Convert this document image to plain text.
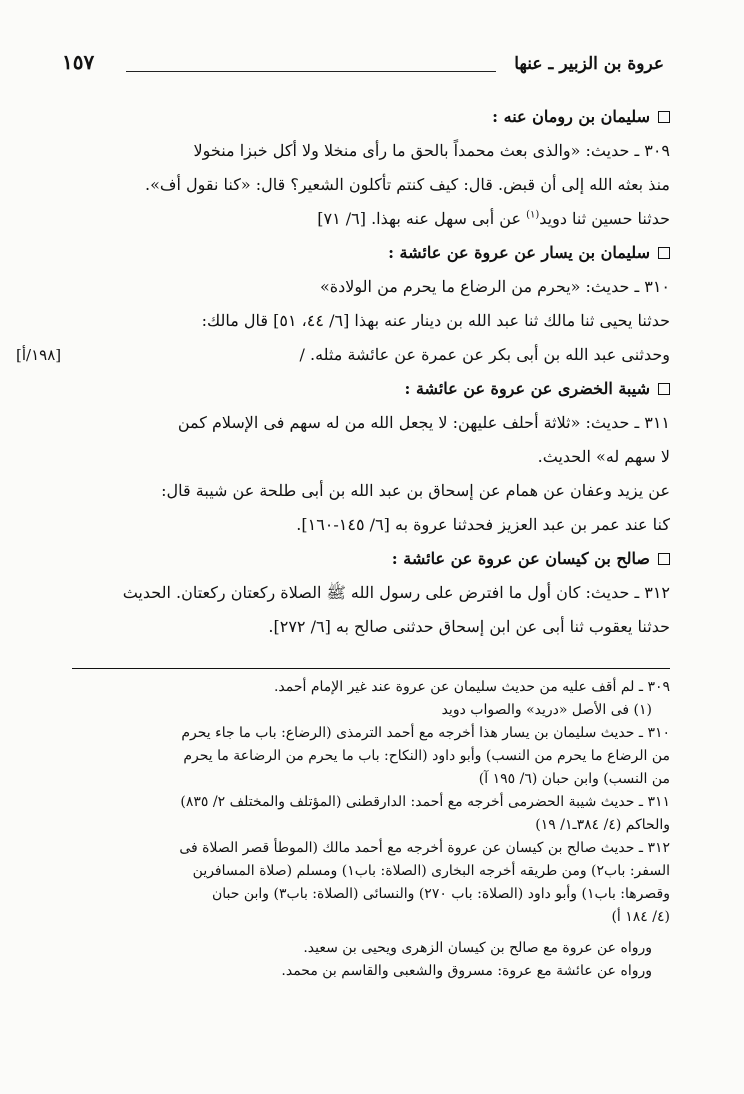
عروة بن الزبير ـ عنها
١٥٧
سليمان بن رومان عنه :
٣٠٩ ـ حديث: «والذى بعث محمداً بالحق ما رأى منخلا ولا أكل خبزا منخولا
منذ بعثه الله إلى أن قبض. قال: كيف كنتم تأكلون الشعير؟ قال: «كنا نقول أف».
حدثنا حسين ثنا دويد$^{(١)}$ عن أبى سهل عنه بهذا. [٦/ ٧١]
سليمان بن يسار عن عروة عن عائشة :
٣١٠ ـ حديث: «يحرم من الرضاع ما يحرم من الولادة»
حدثنا يحيى ثنا مالك ثنا عبد الله بن دينار عنه بهذا [٦/ ٤٤، ٥١] قال مالك:
وحدثنى عبد الله بن أبى بكر عن عمرة عن عائشة مثله. /
[١٩٨/أ]
شيبة الخضرى عن عروة عن عائشة :
٣١١ ـ حديث: «ثلاثة أحلف عليهن: لا يجعل الله من له سهم فى الإسلام كمن
لا سهم له» الحديث.
عن يزيد وعفان عن همام عن إسحاق بن عبد الله بن أبى طلحة عن شيبة قال:
كنا عند عمر بن عبد العزيز فحدثنا عروة به [٦/ ١٤٥-١٦٠].
صالح بن كيسان عن عروة عن عائشة :
٣١٢ ـ حديث: كان أول ما افترض على رسول الله ﷺ الصلاة ركعتان ركعتان. الحديث
حدثنا يعقوب ثنا أبى عن ابن إسحاق حدثنى صالح به [٦/ ٢٧٢].
٣٠٩ ـ لم أقف عليه من حديث سليمان عن عروة عند غير الإمام أحمد.
(١) فى الأصل «دريد» والصواب دويد
٣١٠ ـ حديث سليمان بن يسار هذا أخرجه مع أحمد الترمذى (الرضاع: باب ما جاء يحرم
من الرضاع ما يحرم من النسب) وأبو داود (النكاح: باب ما يحرم من الرضاعة ما يحرم
من النسب) وابن حبان (٦/ ١٩٥ آ)
٣١١ ـ حديث شيبة الحضرمى أخرجه مع أحمد: الدارقطنى (المؤتلف والمختلف ٢/ ٨٣٥)
والحاكم (٤/ ٣٨٤ـ١/ ١٩)
٣١٢ ـ حديث صالح بن كيسان عن عروة أخرجه مع أحمد مالك (الموطأ قصر الصلاة فى
السفر: باب٢) ومن طريقه أخرجه البخارى (الصلاة: باب١) ومسلم (صلاة المسافرين
وقصرها: باب١) وأبو داود (الصلاة: باب ٢٧٠) والنسائى (الصلاة: باب٣) وابن حبان
(٤/ ١٨٤ أ)
ورواه عن عروة مع صالح بن كيسان الزهرى ويحيى بن سعيد.
ورواه عن عائشة مع عروة: مسروق والشعبى والقاسم بن محمد.
